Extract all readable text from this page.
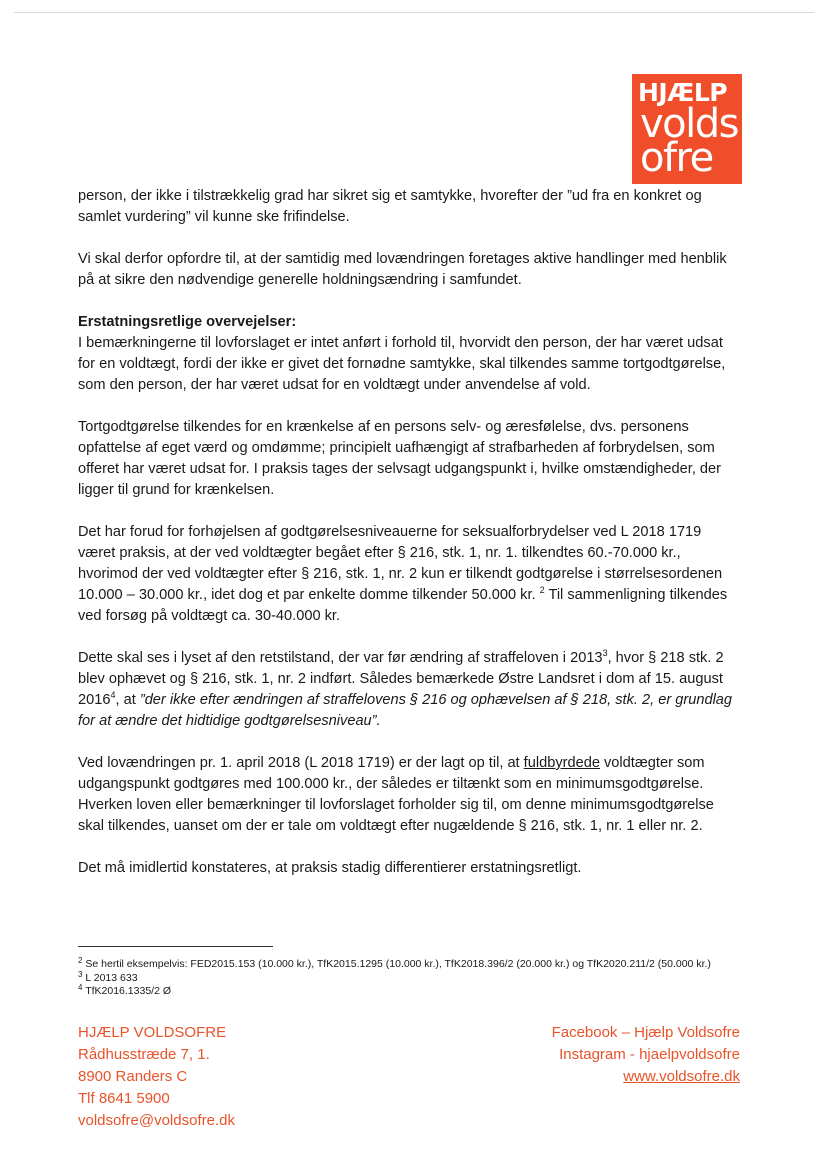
HJÆLP
volds
ofre

person, der ikke i tilstrækkelig grad har sikret sig et samtykke, hvorefter der ”ud fra en konkret og samlet vurdering” vil kunne ske frifindelse.

Vi skal derfor opfordre til, at der samtidig med lovændringen foretages aktive handlinger med henblik på at sikre den nødvendige generelle holdningsændring i samfundet.

Erstatningsretlige overvejelser:
I bemærkningerne til lovforslaget er intet anført i forhold til, hvorvidt den person, der har været udsat for en voldtægt, fordi der ikke er givet det fornødne samtykke, skal tilkendes samme tortgodtgørelse, som den person, der har været udsat for en voldtægt under anvendelse af vold.

Tortgodtgørelse tilkendes for en krænkelse af en persons selv- og æresfølelse, dvs. personens opfattelse af eget værd og omdømme; principielt uafhængigt af strafbarheden af forbrydelsen, som offeret har været udsat for. I praksis tages der selvsagt udgangspunkt i, hvilke omstændigheder, der ligger til grund for krænkelsen.

Det har forud for forhøjelsen af godtgørelsesniveauerne for seksualforbrydelser ved L 2018 1719 været praksis, at der ved voldtægter begået efter § 216, stk. 1, nr. 1. tilkendtes 60.-70.000 kr., hvorimod der ved voldtægter efter § 216, stk. 1, nr. 2 kun er tilkendt godtgørelse i størrelsesordenen 10.000 – 30.000 kr., idet dog et par enkelte domme tilkender 50.000 kr. $^2$ Til sammenligning tilkendes ved forsøg på voldtægt ca. 30-40.000 kr.

Dette skal ses i lyset af den retstilstand, der var før ændring af straffeloven i 2013$^3$, hvor § 218 stk. 2 blev ophævet og § 216, stk. 1, nr. 2 indført. Således bemærkede Østre Landsret i dom af 15. august 2016$^4$, at ”der ikke efter ændringen af straffelovens § 216 og ophævelsen af § 218, stk. 2, er grundlag for at ændre det hidtidige godtgørelsesniveau”.

Ved lovændringen pr. 1. april 2018 (L 2018 1719) er der lagt op til, at fuldbyrdede voldtægter som udgangspunkt godtgøres med 100.000 kr., der således er tiltænkt som en minimumsgodtgørelse. Hverken loven eller bemærkninger til lovforslaget forholder sig til, om denne minimumsgodtgørelse skal tilkendes, uanset om der er tale om voldtægt efter nugældende § 216, stk. 1, nr. 1 eller nr. 2.

Det må imidlertid konstateres, at praksis stadig differentierer erstatningsretligt.

$^2$ Se hertil eksempelvis: FED2015.153 (10.000 kr.), TfK2015.1295 (10.000 kr.), TfK2018.396/2 (20.000 kr.) og TfK2020.211/2 (50.000 kr.)
$^3$ L 2013 633
$^4$ TfK2016.1335/2 Ø
HJÆLP VOLDSOFRE
Rådhusstræde 7, 1.
8900 Randers C
Tlf 8641 5900
voldsofre@voldsofre.dk
Facebook – Hjælp Voldsofre
Instagram - hjaelpvoldsofre
www.voldsofre.dk
